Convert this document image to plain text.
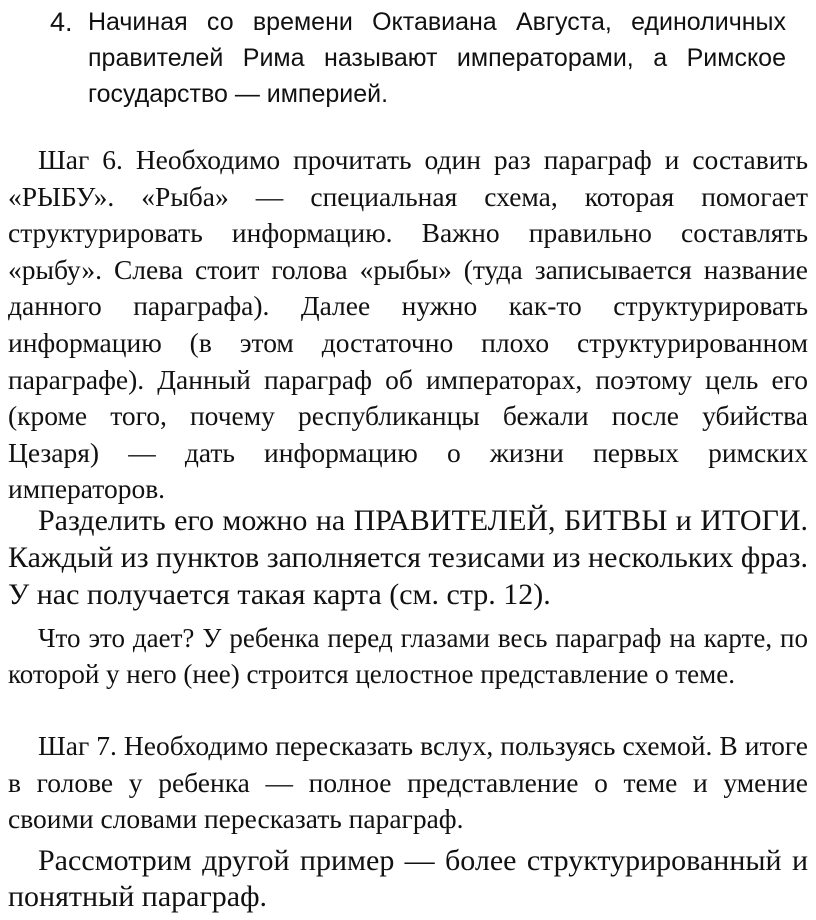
4. Начиная со времени Октавиана Августа, единоличных правителей Рима называют императорами, а Римское государство — империей.

Шаг 6. Необходимо прочитать один раз параграф и составить «РЫБУ». «Рыба» — специальная схема, которая помогает структурировать информацию. Важно правильно составлять «рыбу». Слева стоит голова «рыбы» (туда записывается название данного параграфа). Далее нужно как-то структурировать информацию (в этом достаточно плохо структурированном параграфе). Данный параграф об императорах, поэтому цель его (кроме того, почему республиканцы бежали после убийства Цезаря) — дать информацию о жизни первых римских императоров.

Разделить его можно на ПРАВИТЕЛЕЙ, БИТВЫ и ИТОГИ. Каждый из пунктов заполняется тезисами из нескольких фраз. У нас получается такая карта (см. стр. 12).

Что это дает? У ребенка перед глазами весь параграф на карте, по которой у него (нее) строится целостное представление о теме.

Шаг 7. Необходимо пересказать вслух, пользуясь схемой. В итоге в голове у ребенка — полное представление о теме и умение своими словами пересказать параграф.

Рассмотрим другой пример — более структурированный и понятный параграф.
